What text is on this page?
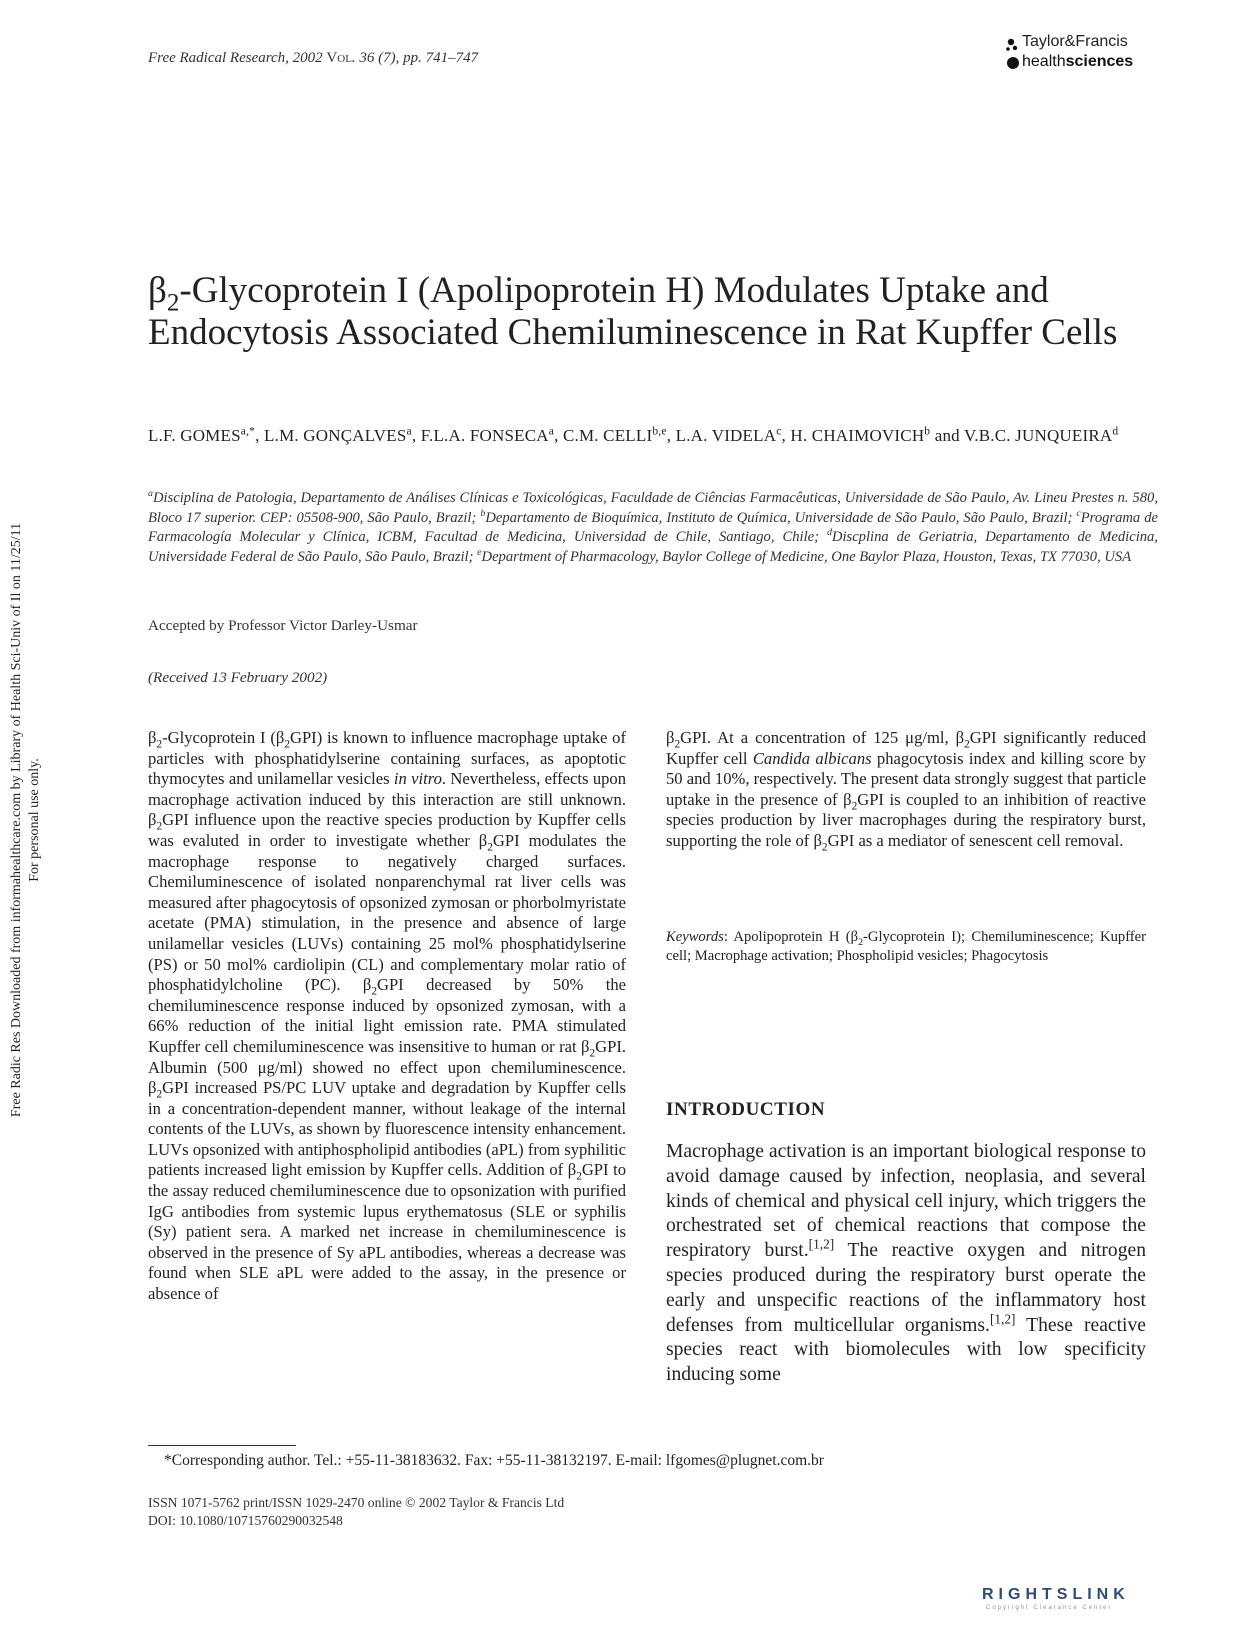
Free Radical Research, 2002 Vol. 36 (7), pp. 741–747
Taylor&Francis
healthsciences
Free Radic Res Downloaded from informahealthcare.com by Library of Health Sci-Univ of Il on 11/25/11 For personal use only.
$\beta_2$-Glycoprotein I (Apolipoprotein H) Modulates Uptake and Endocytosis Associated Chemiluminescence in Rat Kupffer Cells
L.F. $GOMES^{a,*}$, L.M. GONÇALVES$^a$, F.L.A. FONSECA$^a$, C.M. CELLI$^{b,e}$, L.A. VIDELA$^c$, H. CHAIMOVICH$^b$ and V.B.C. JUNQUEIRA$^d$
$^a$Disciplina de Patologia, Departamento de Análises Clínicas e Toxicológicas, Faculdade de Ciências Farmacêuticas, Universidade de São Paulo, Av. Lineu Prestes n. 580, Bloco 17 superior. CEP: 05508-900, São Paulo, Brazil; $^b$Departamento de Bioquímica, Instituto de Química, Universidade de São Paulo, São Paulo, Brazil; $^c$Programa de Farmacología Molecular y Clínica, ICBM, Facultad de Medicina, Universidad de Chile, Santiago, Chile; $^d$Discplina de Geriatria, Departamento de Medicina, Universidade Federal de São Paulo, São Paulo, Brazil; $^e$Department of Pharmacology, Baylor College of Medicine, One Baylor Plaza, Houston, Texas, TX 77030, USA
Accepted by Professor Victor Darley-Usmar
(Received 13 February 2002)
$\beta_2$-Glycoprotein I $(\beta_2GPI)$ is known to influence macrophage uptake of particles with phosphatidylserine containing surfaces, as apoptotic thymocytes and unilamellar vesicles in vitro. Nevertheless, effects upon macrophage activation induced by this interaction are still unknown. $\beta_2GPI$ influence upon the reactive species production by Kupffer cells was evaluted in order to investigate whether $\beta_2GPI$ modulates the macrophage response to negatively charged surfaces. Chemiluminescence of isolated nonparenchymal rat liver cells was measured after phagocytosis of opsonized zymosan or phorbolmyristate acetate (PMA) stimulation, in the presence and absence of large unilamellar vesicles (LUVs) containing 25 mol% phosphatidylserine (PS) or 50 mol% cardiolipin (CL) and complementary molar ratio of phosphatidylcholine (PC). $\beta_2GPI$ decreased by 50% the chemiluminescence response induced by opsonized zymosan, with a 66% reduction of the initial light emission rate. PMA stimulated Kupffer cell chemiluminescence was insensitive to human or rat $\beta_2GPI$. Albumin (500 μg/ml) showed no effect upon chemiluminescence. $\beta_2GPI$ increased PS/PC LUV uptake and degradation by Kupffer cells in a concentration-dependent manner, without leakage of the internal contents of the LUVs, as shown by fluorescence intensity enhancement. LUVs opsonized with antiphospholipid antibodies (aPL) from syphilitic patients increased light emission by Kupffer cells. Addition of $\beta_2GPI$ to the assay reduced chemiluminescence due to opsonization with purified IgG antibodies from systemic lupus erythematosus (SLE or syphilis (Sy) patient sera. A marked net increase in chemiluminescence is observed in the presence of Sy aPL antibodies, whereas a decrease was found when SLE aPL were added to the assay, in the presence or absence of
$\beta_2GPI$. At a concentration of 125 μg/ml, $\beta_2GPI$ significantly reduced Kupffer cell Candida albicans phagocytosis index and killing score by 50 and 10%, respectively. The present data strongly suggest that particle uptake in the presence of $\beta_2GPI$ is coupled to an inhibition of reactive species production by liver macrophages during the respiratory burst, supporting the role of $\beta_2GPI$ as a mediator of senescent cell removal.
Keywords: Apolipoprotein H ($\beta_2$-Glycoprotein I); Chemiluminescence; Kupffer cell; Macrophage activation; Phospholipid vesicles; Phagocytosis
INTRODUCTION
Macrophage activation is an important biological response to avoid damage caused by infection, neoplasia, and several kinds of chemical and physical cell injury, which triggers the orchestrated set of chemical reactions that compose the respiratory burst.[1,2] The reactive oxygen and nitrogen species produced during the respiratory burst operate the early and unspecific reactions of the inflammatory host defenses from multicellular organisms.[1,2] These reactive species react with biomolecules with low specificity inducing some
*Corresponding author. Tel.: +55-11-38183632. Fax: +55-11-38132197. E-mail: lfgomes@plugnet.com.br
ISSN 1071-5762 print/ISSN 1029-2470 online © 2002 Taylor & Francis Ltd
DOI: 10.1080/10715760290032548
RIGHTSLINK
Copyright Clearance Center
